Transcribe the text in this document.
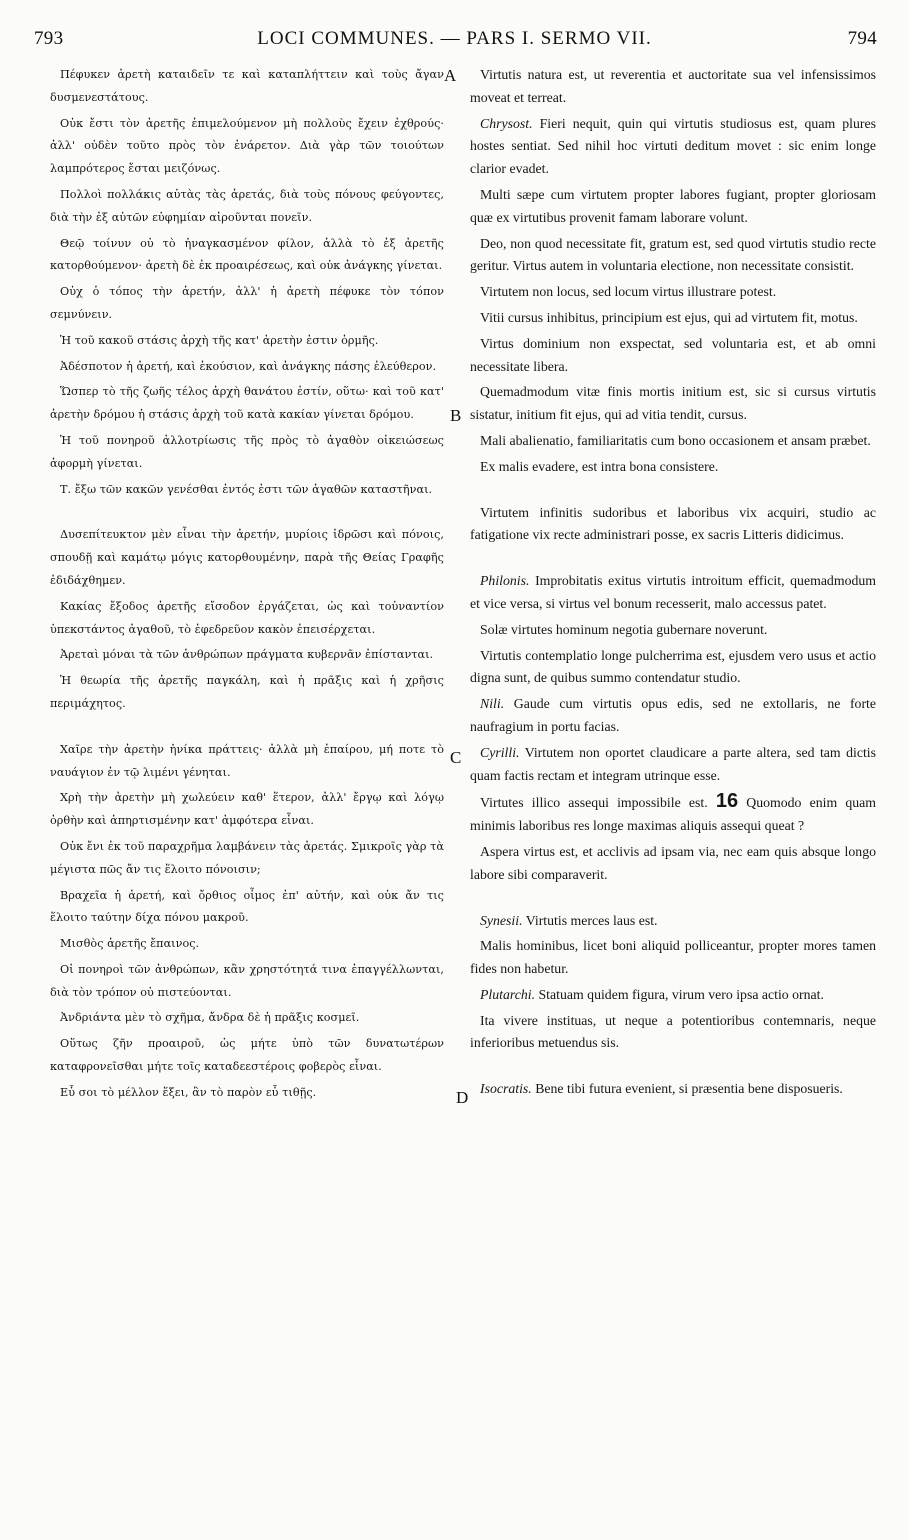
793	LOCI COMMUNES. — PARS I. SERMO VII.	794
A
B
C
D

Πέφυκεν ἀρετὴ καταιδεῖν τε καὶ καταπλήττειν καὶ τοὺς ἄγαν δυσμενεστάτους.

Οὐκ ἔστι τὸν ἀρετῆς ἐπιμελούμενον μὴ πολλοὺς ἔχειν ἐχθρούς· ἀλλ' οὐδὲν τοῦτο πρὸς τὸν ἐνάρετον. Διὰ γὰρ τῶν τοιούτων λαμπρότερος ἔσται μειζόνως.

Πολλοὶ πολλάκις αὐτὰς τὰς ἀρετάς, διὰ τοὺς πόνους φεύγοντες, διὰ τὴν ἐξ αὐτῶν εὐφημίαν αἱροῦνται πονεῖν.

Θεῷ τοίνυν οὐ τὸ ἠναγκασμένον φίλον, ἀλλὰ τὸ ἐξ ἀρετῆς κατορθούμενον· ἀρετὴ δὲ ἐκ προαιρέσεως, καὶ οὐκ ἀνάγκης γίνεται.

Οὐχ ὁ τόπος τὴν ἀρετήν, ἀλλ' ἡ ἀρετὴ πέφυκε τὸν τόπον σεμνύνειν.

Ἡ τοῦ κακοῦ στάσις ἀρχὴ τῆς κατ' ἀρετὴν ἐστιν ὁρμῆς.

Ἀδέσποτον ἡ ἀρετή, καὶ ἑκούσιον, καὶ ἀνάγκης πάσης ἐλεύθερον.

Ὥσπερ τὸ τῆς ζωῆς τέλος ἀρχὴ θανάτου ἐστίν, οὕτω· καὶ τοῦ κατ' ἀρετὴν δρόμου ἡ στάσις ἀρχὴ τοῦ κατὰ κακίαν γίνεται δρόμου.

Ἡ τοῦ πονηροῦ ἀλλοτρίωσις τῆς πρὸς τὸ ἀγαθὸν οἰκειώσεως ἀφορμὴ γίνεται.

Τ. ἔξω τῶν κακῶν γενέσθαι ἐντός ἐστι τῶν ἀγαθῶν καταστῆναι.

Δυσεπίτευκτον μὲν εἶναι τὴν ἀρετήν, μυρίοις ἱδρῶσι καὶ πόνοις, σπουδῇ καὶ καμάτῳ μόγις κατορθουμένην, παρὰ τῆς Θείας Γραφῆς ἐδιδάχθημεν.

Κακίας ἔξοδος ἀρετῆς εἴσοδον ἐργάζεται, ὡς καὶ τοὐναντίον ὑπεκστάντος ἀγαθοῦ, τὸ ἐφεδρεῦον κακὸν ἐπεισέρχεται.

Ἀρεταὶ μόναι τὰ τῶν ἀνθρώπων πράγματα κυβερνᾶν ἐπίστανται.

Ἡ θεωρία τῆς ἀρετῆς παγκάλη, καὶ ἡ πρᾶξις καὶ ἡ χρῆσις περιμάχητος.

Χαῖρε τὴν ἀρετὴν ἡνίκα πράττεις· ἀλλὰ μὴ ἐπαίρου, μή ποτε τὸ ναυάγιον ἐν τῷ λιμένι γένηται.

Χρὴ τὴν ἀρετὴν μὴ χωλεύειν καθ' ἕτερον, ἀλλ' ἔργῳ καὶ λόγῳ ὀρθὴν καὶ ἀπηρτισμένην κατ' ἀμφότερα εἶναι.

Οὐκ ἔνι ἐκ τοῦ παραχρῆμα λαμβάνειν τὰς ἀρετάς. Σμικροῖς γὰρ τὰ μέγιστα πῶς ἄν τις ἕλοιτο πόνοισιν;

Βραχεῖα ἡ ἀρετή, καὶ ὄρθιος οἶμος ἐπ' αὐτήν, καὶ οὐκ ἄν τις ἕλοιτο ταύτην δίχα πόνου μακροῦ.

Μισθὸς ἀρετῆς ἔπαινος.

Οἱ πονηροὶ τῶν ἀνθρώπων, κἂν χρηστότητά τινα ἐπαγγέλλωνται, διὰ τὸν τρόπον οὐ πιστεύονται.

Ἀνδριάντα μὲν τὸ σχῆμα, ἄνδρα δὲ ἡ πρᾶξις κοσμεῖ.

Οὕτως ζῆν προαιροῦ, ὡς μήτε ὑπὸ τῶν δυνατωτέρων καταφρονεῖσθαι μήτε τοῖς καταδεεστέροις φοβερὸς εἶναι.

Εὖ σοι τὸ μέλλον ἕξει, ἂν τὸ παρὸν εὖ τιθῇς.

Virtutis natura est, ut reverentia et auctoritate sua vel infensissimos moveat et terreat.

Chrysost. Fieri nequit, quin qui virtutis studiosus est, quam plures hostes sentiat. Sed nihil hoc virtuti deditum movet : sic enim longe clarior evadet.

Multi sæpe cum virtutem propter labores fugiant, propter gloriosam quæ ex virtutibus provenit famam laborare volunt.

Deo, non quod necessitate fit, gratum est, sed quod virtutis studio recte geritur. Virtus autem in voluntaria electione, non necessitate consistit.

Virtutem non locus, sed locum virtus illustrare potest.

Vitii cursus inhibitus, principium est ejus, qui ad virtutem fit, motus.

Virtus dominium non exspectat, sed voluntaria est, et ab omni necessitate libera.

Quemadmodum vitæ finis mortis initium est, sic si cursus virtutis sistatur, initium fit ejus, qui ad vitia tendit, cursus.

Mali abalienatio, familiaritatis cum bono occasionem et ansam præbet.

Ex malis evadere, est intra bona consistere.

Virtutem infinitis sudoribus et laboribus vix acquiri, studio ac fatigatione vix recte administrari posse, ex sacris Litteris didicimus.

Philonis. Improbitatis exitus virtutis introitum efficit, quemadmodum et vice versa, si virtus vel bonum recesserit, malo accessus patet.

Solæ virtutes hominum negotia gubernare noverunt.

Virtutis contemplatio longe pulcherrima est, ejusdem vero usus et actio digna sunt, de quibus summo contendatur studio.

Nili. Gaude cum virtutis opus edis, sed ne extollaris, ne forte naufragium in portu facias.

Cyrilli. Virtutem non oportet claudicare a parte altera, sed tam dictis quam factis rectam et integram utrinque esse.

Virtutes illico assequi impossibile est. 16 Quomodo enim quam minimis laboribus res longe maximas aliquis assequi queat ?

Aspera virtus est, et acclivis ad ipsam via, nec eam quis absque longo labore sibi comparaverit.

Synesii. Virtutis merces laus est.

Malis hominibus, licet boni aliquid polliceantur, propter mores tamen fides non habetur.

Plutarchi. Statuam quidem figura, virum vero ipsa actio ornat.

Ita vivere instituas, ut neque a potentioribus contemnaris, neque inferioribus metuendus sis.

Isocratis. Bene tibi futura evenient, si præsentia bene disposueris.
